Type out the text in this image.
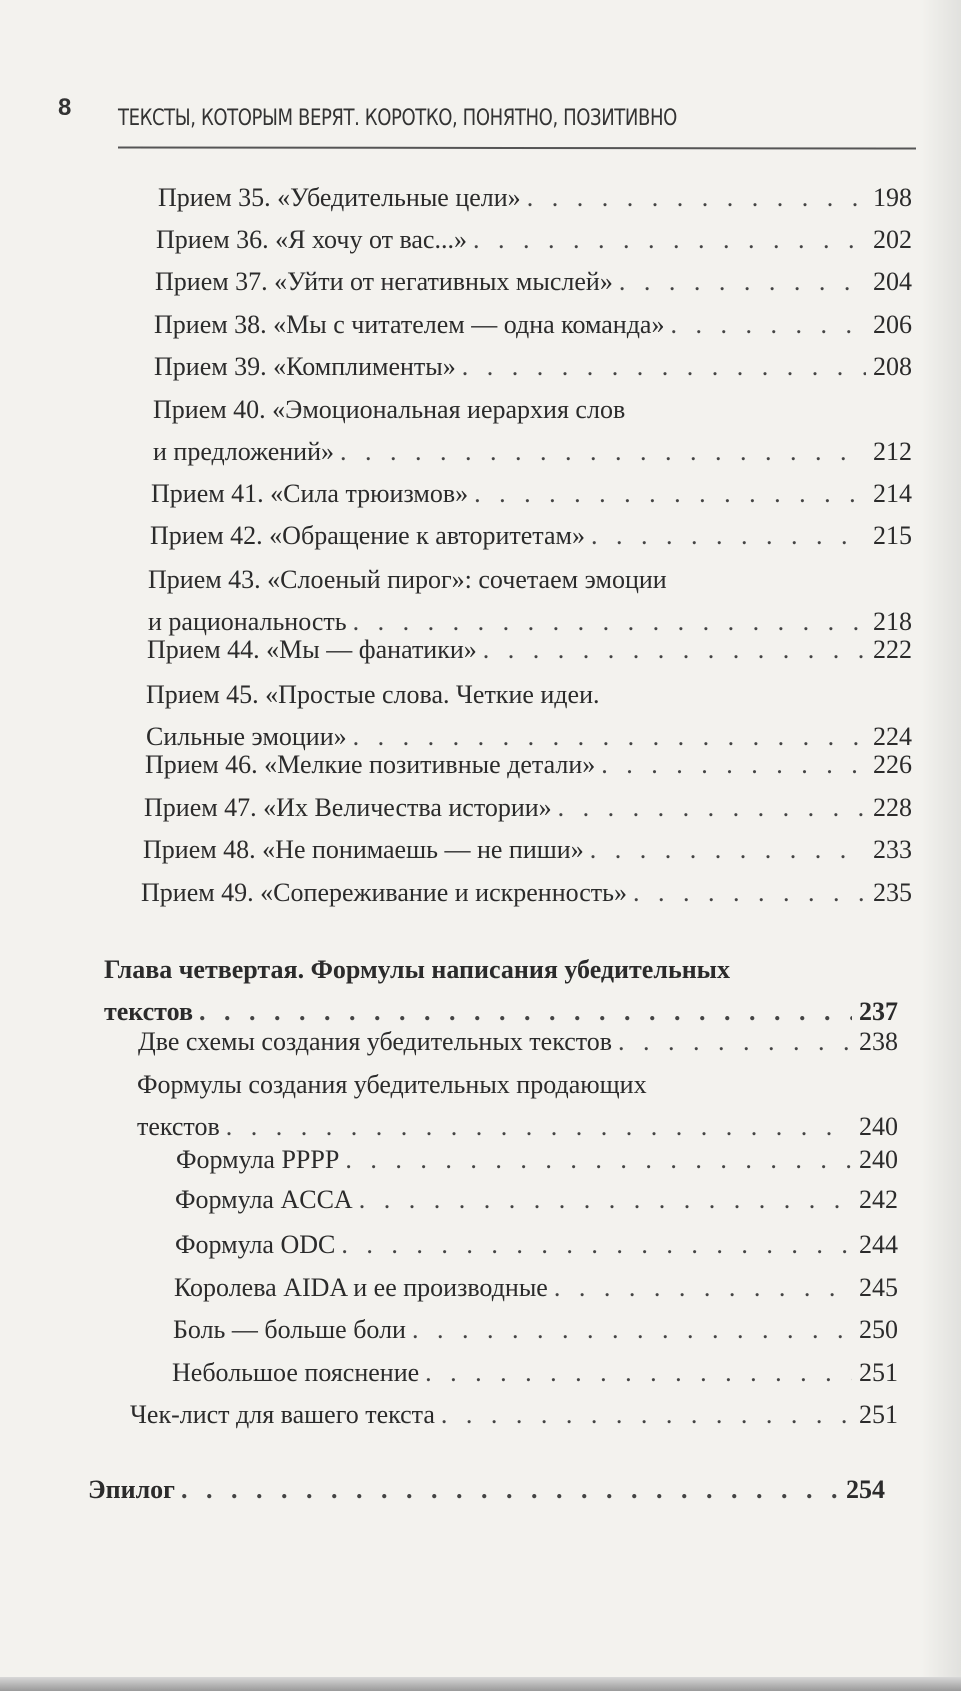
8 ТЕКСТЫ, КОТОРЫМ ВЕРЯТ. КОРОТКО, ПОНЯТНО, ПОЗИТИВНО
Прием 35. «Убедительные цели» . . .	198
Прием 36. «Я хочу от вас...» . . .	202
Прием 37. «Уйти от негативных мыслей» . . .	204
Прием 38. «Мы с читателем — одна команда» . . .	206
Прием 39. «Комплименты» . . .	208
Прием 40. «Эмоциональная иерархия слов
и предложений» . . .	212
Прием 41. «Сила трюизмов» . . .	214
Прием 42. «Обращение к авторитетам» . . .	215
Прием 43. «Слоеный пирог»: сочетаем эмоции
и рациональность . . .	218
Прием 44. «Мы — фанатики» . . .	222
Прием 45. «Простые слова. Четкие идеи.
Сильные эмоции» . . .	224
Прием 46. «Мелкие позитивные детали» . . .	226
Прием 47. «Их Величества истории» . . .	228
Прием 48. «Не понимаешь — не пиши» . . .	233
Прием 49. «Сопереживание и искренность» . . .	235
Глава четвертая. Формулы написания убедительных
текстов . . .	237
Две схемы создания убедительных текстов . . .	238
Формулы создания убедительных продающих
текстов . . .	240
Формула PPPP . . .	240
Формула ACCA . . .	242
Формула ODC . . .	244
Королева AIDA и ее производные . . .	245
Боль — больше боли . . .	250
Небольшое пояснение . . .	251
Чек-лист для вашего текста . . .	251
Эпилог . . .	254
